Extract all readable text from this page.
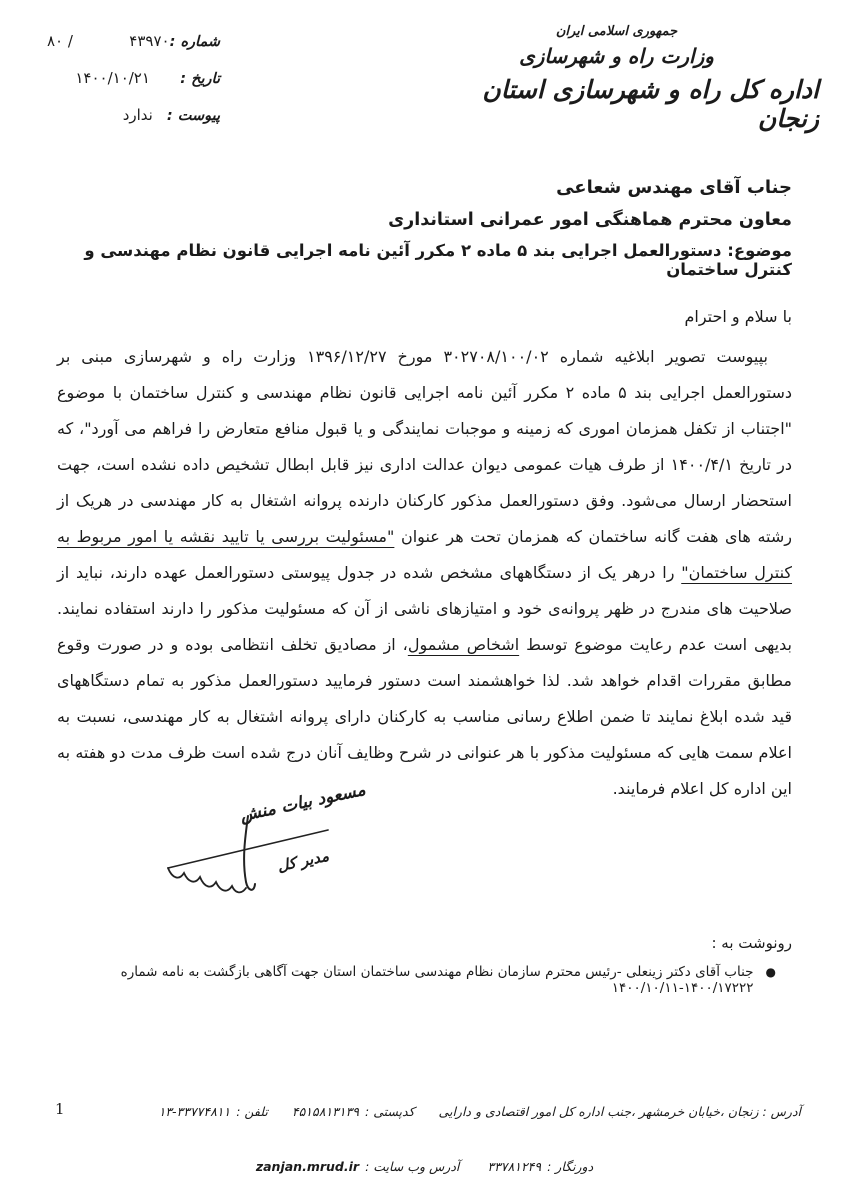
جمهوری اسلامی ایران
وزارت راه و شهرسازی
اداره کل راه و شهرسازی استان زنجان
شماره :
۴۳۹۷۰
/ ۸۰
تاریخ :
۱۴۰۰/۱۰/۲۱
پیوست :
ندارد
جناب آقای مهندس شعاعی
معاون محترم هماهنگی امور عمرانی استانداری
موضوع: دستورالعمل اجرایی بند ۵ ماده ۲ مکرر آئین نامه اجرایی قانون نظام مهندسی و کنترل ساختمان
با سلام و احترام
بپیوست تصویر ابلاغیه شماره ۳۰۲۷۰۸/۱۰۰/۰۲ مورخ ۱۳۹۶/۱۲/۲۷ وزارت راه و شهرسازی مبنی بر دستورالعمل اجرایی بند ۵ ماده ۲ مکرر آئین نامه اجرایی قانون نظام مهندسی و کنترل ساختمان با موضوع "اجتناب از تکفل همزمان اموری که زمینه و موجبات نمایندگی و یا قبول منافع متعارض را فراهم می آورد"، که در تاریخ ۱۴۰۰/۴/۱ از طرف هیات عمومی دیوان عدالت اداری نیز قابل ابطال تشخیص داده نشده است، جهت استحضار ارسال می‌شود. وفق دستورالعمل مذکور کارکنان دارنده پروانه اشتغال به کار مهندسی در هریک از رشته های هفت گانه ساختمان که همزمان تحت هر عنوان "مسئولیت بررسی یا تایید نقشه یا امور مربوط به کنترل ساختمان" را درهر یک از دستگاههای مشخص شده در جدول پیوستی دستورالعمل عهده دارند، نباید از صلاحیت های مندرج در ظهر پروانه‌ی خود و امتیازهای ناشی از آن که مسئولیت مذکور را دارند استفاده نمایند. بدیهی است عدم رعایت موضوع توسط اشخاص مشمول، از مصادیق تخلف انتظامی بوده و در صورت وقوع مطابق مقررات اقدام خواهد شد. لذا خواهشمند است دستور فرمایید دستورالعمل مذکور به تمام دستگاههای قید شده ابلاغ نمایند تا ضمن اطلاع رسانی مناسب به کارکنان دارای پروانه اشتغال به کار مهندسی، نسبت به اعلام سمت هایی که مسئولیت مذکور با هر عنوانی در شرح وظایف آنان درج شده است ظرف مدت دو هفته به این اداره کل اعلام فرمایند.
مسعود بیات منش
مدیر کل
رونوشت به :
●
جناب آقای دکتر زینعلی -رئیس محترم سازمان نظام مهندسی ساختمان استان جهت آگاهی بازگشت به نامه شماره ۱۴۰۰/۱۷۲۲۲-۱۴۰۰/۱۰/۱۱
آدرس : زنجان ،خیابان خرمشهر ،جنب اداره کل امور اقتصادی و دارایی
کدپستی :
۴۵۱۵۸۱۳۱۳۹
تلفن :
۱۳-۳۳۷۷۴۸۱۱
1
دورنگار :
۳۳۷۸۱۲۴۹
آدرس وب سایت :
zanjan.mrud.ir
